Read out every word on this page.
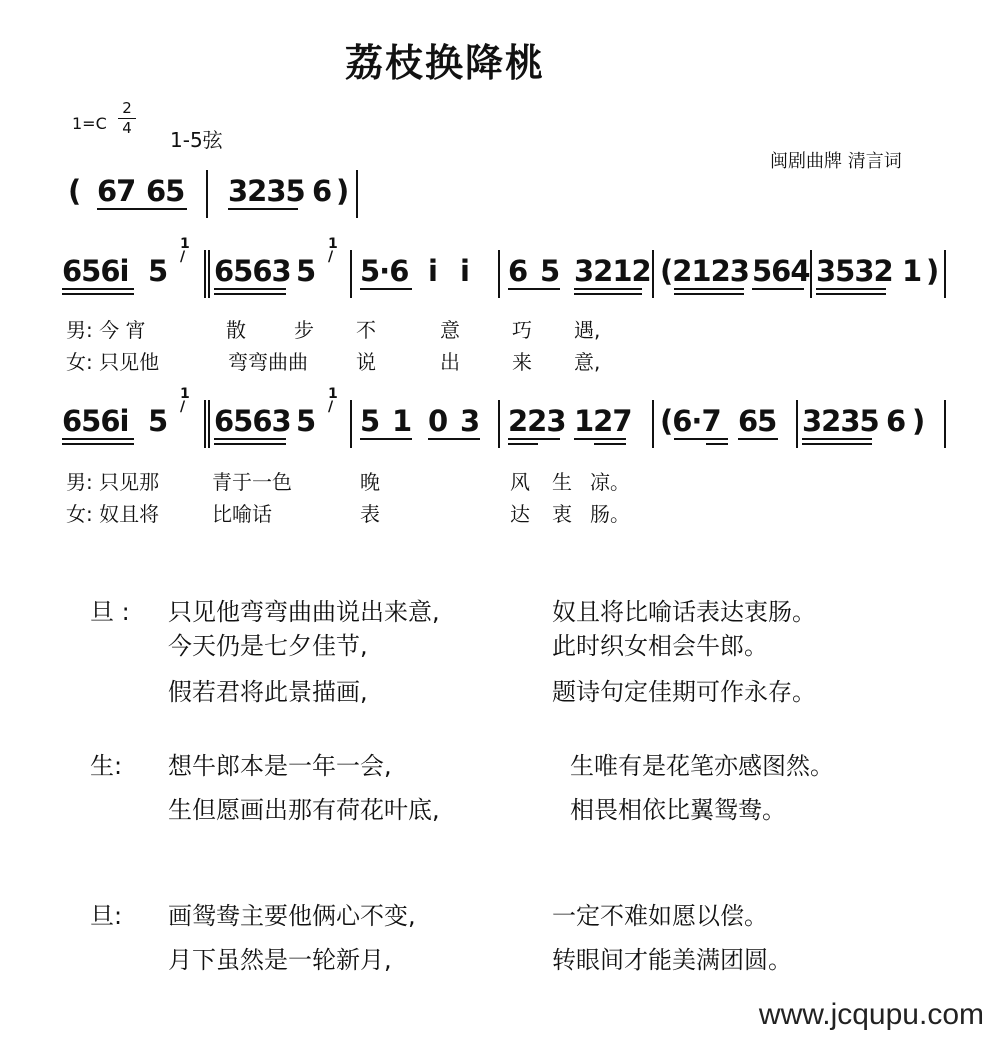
荔枝换降桃
1=C
2
4 1-5弦
闽剧曲牌 清言词
( 67 65 3235 6 )
656i 5
1
/ 6563 5
1
/ 5·6 i i 6 5 3212 (2123 564 3532 1 )
男: 今 宵	散 步 不	意	巧 遇,
女: 只见他	弯弯曲曲 说	出	来 意,
656i 5
1
/ 6563 5
1
/ 5 1 0 3 223 127 (6·7 65 3235 6 )
男: 只见那	青于一色	晚	风 生 凉。
女: 奴且将	比喻话	表	达 衷 肠。
旦 : 只见他弯弯曲曲说出来意,	奴且将比喻话表达衷肠。
今天仍是七夕佳节,	此时织女相会牛郎。
假若君将此景描画,	题诗句定佳期可作永存。
生: 想牛郎本是一年一会,	生唯有是花笔亦感图然。
生但愿画出那有荷花叶底,	相畏相依比翼鸳鸯。
旦: 画鸳鸯主要他俩心不变,	一定不难如愿以偿。
月下虽然是一轮新月,	转眼间才能美满团圆。
www.jcqupu.com
